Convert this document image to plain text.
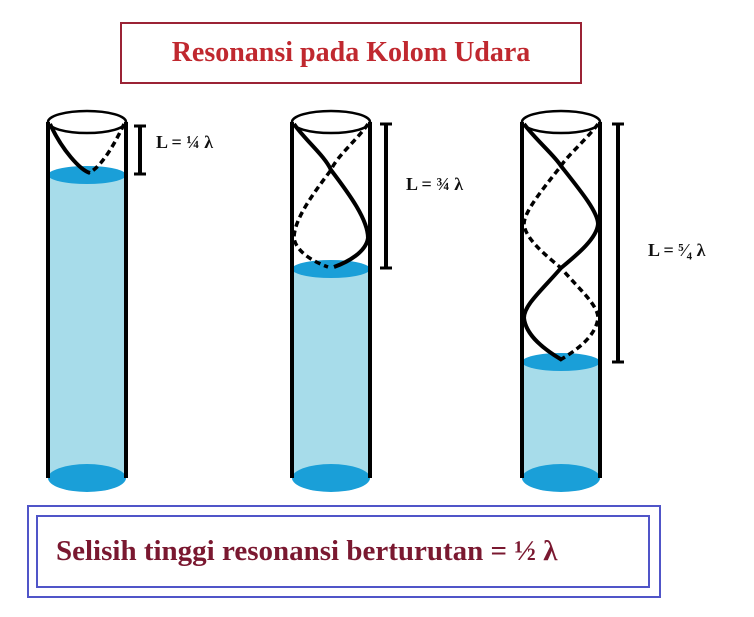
Resonansi pada Kolom Udara
L = ¼ λ
L = ¾ λ
L = ⁵⁄₄ λ
Selisih tinggi resonansi berturutan = ½ λ
